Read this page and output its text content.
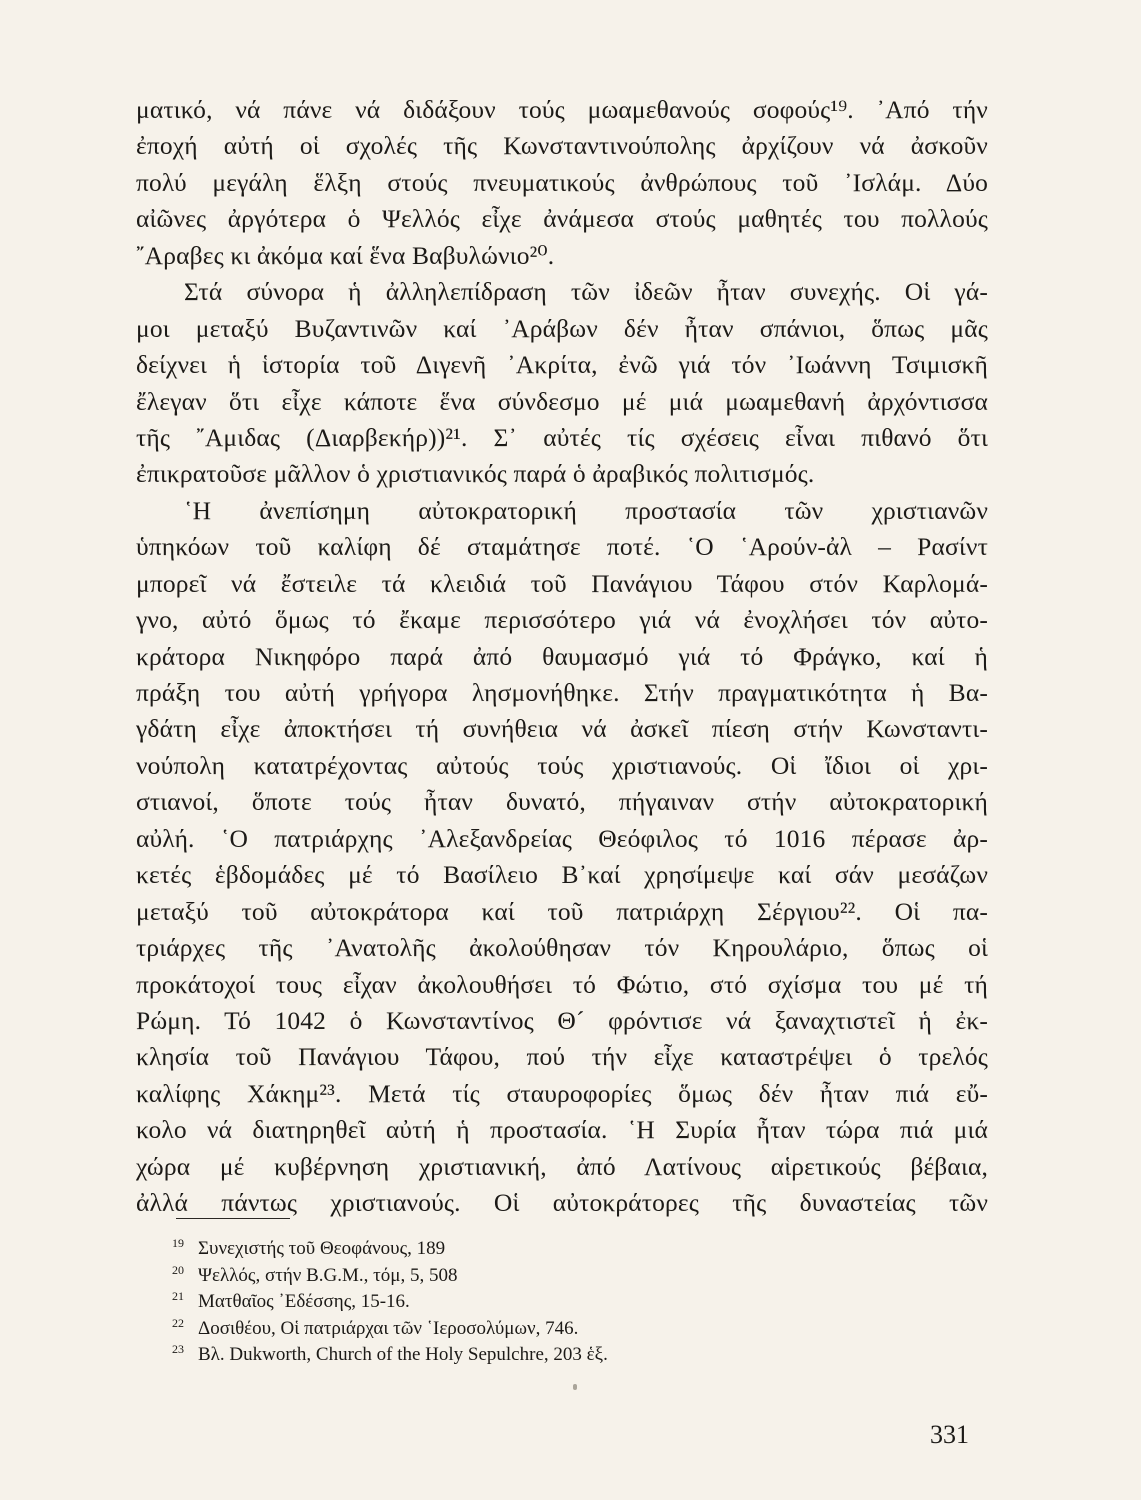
ματικό, νά πάνε νά διδάξουν τούς μωαμεθανούς σοφούς¹⁹. ᾿Από τήν
ἐποχή αὐτή οἱ σχολές τῆς Κωνσταντινούπολης ἀρχίζουν νά ἀσκοῦν
πολύ μεγάλη ἕλξη στούς πνευματικούς ἀνθρώπους τοῦ ᾿Ισλάμ. Δύο
αἰῶνες ἀργότερα ὁ Ψελλός εἶχε ἀνάμεσα στούς μαθητές του πολλούς
῎Αραβες κι ἀκόμα καί ἕνα Βαβυλώνιο²⁰.
Στά σύνορα ἡ ἀλληλεπίδραση τῶν ἰδεῶν ἦταν συνεχής. Οἱ γά-
μοι μεταξύ Βυζαντινῶν καί ᾿Αράβων δέν ἦταν σπάνιοι, ὅπως μᾶς
δείχνει ἡ ἱστορία τοῦ Διγενῆ ᾿Ακρίτα, ἐνῶ γιά τόν ᾿Ιωάννη Τσιμισκῆ
ἔλεγαν ὅτι εἶχε κάποτε ἕνα σύνδεσμο μέ μιά μωαμεθανή ἀρχόντισσα
τῆς ῎Αμιδας (Διαρβεκήρ))²¹. Σ᾿ αὐτές τίς σχέσεις εἶναι πιθανό ὅτι
ἐπικρατοῦσε μᾶλλον ὁ χριστιανικός παρά ὁ ἀραβικός πολιτισμός.
῾Η ἀνεπίσημη αὐτοκρατορική προστασία τῶν χριστιανῶν
ὑπηκόων τοῦ καλίφη δέ σταμάτησε ποτέ. ῾Ο ῾Αρούν-ἀλ – Ρασίντ
μπορεῖ νά ἔστειλε τά κλειδιά τοῦ Πανάγιου Τάφου στόν Καρλομά-
γνο, αὐτό ὅμως τό ἔκαμε περισσότερο γιά νά ἐνοχλήσει τόν αὐτο-
κράτορα Νικηφόρο παρά ἀπό θαυμασμό γιά τό Φράγκο, καί ἡ
πράξη του αὐτή γρήγορα λησμονήθηκε. Στήν πραγματικότητα ἡ Βα-
γδάτη εἶχε ἀποκτήσει τή συνήθεια νά ἀσκεῖ πίεση στήν Κωνσταντι-
νούπολη κατατρέχοντας αὐτούς τούς χριστιανούς. Οἱ ἴδιοι οἱ χρι-
στιανοί, ὅποτε τούς ἦταν δυνατό, πήγαιναν στήν αὐτοκρατορική
αὐλή. ῾Ο πατριάρχης ᾿Αλεξανδρείας Θεόφιλος τό 1016 πέρασε ἀρ-
κετές ἑβδομάδες μέ τό Βασίλειο Β᾿καί χρησίμεψε καί σάν μεσάζων
μεταξύ τοῦ αὐτοκράτορα καί τοῦ πατριάρχη Σέργιου²². Οἱ πα-
τριάρχες τῆς ᾿Ανατολῆς ἀκολούθησαν τόν Κηρουλάριο, ὅπως οἱ
προκάτοχοί τους εἶχαν ἀκολουθήσει τό Φώτιο, στό σχίσμα του μέ τή
Ρώμη. Τό 1042 ὁ Κωνσταντίνος Θ´ φρόντισε νά ξαναχτιστεῖ ἡ ἐκ-
κλησία τοῦ Πανάγιου Τάφου, πού τήν εἶχε καταστρέψει ὁ τρελός
καλίφης Χάκημ²³. Μετά τίς σταυροφορίες ὅμως δέν ἦταν πιά εὔ-
κολο νά διατηρηθεῖ αὐτή ἡ προστασία. ῾Η Συρία ἦταν τώρα πιά μιά
χώρα μέ κυβέρνηση χριστιανική, ἀπό Λατίνους αἱρετικούς βέβαια,
ἀλλά πάντως χριστιανούς. Οἱ αὐτοκράτορες τῆς δυναστείας τῶν
19 Συνεχιστής τοῦ Θεοφάνους, 189
20 Ψελλός, στήν B.G.M., τόμ, 5, 508
21 Ματθαῖος ᾿Εδέσσης, 15-16.
22 Δοσιθέου, Οἱ πατριάρχαι τῶν ῾Ιεροσολύμων, 746.
23 Βλ. Dukworth, Church of the Holy Sepulchre, 203 ἑξ.
331
